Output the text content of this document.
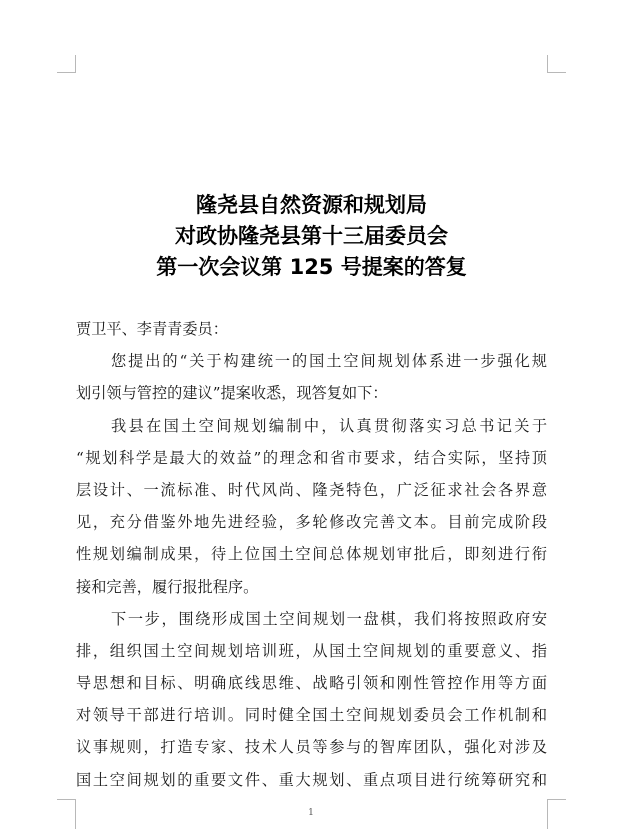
隆尧县自然资源和规划局
对政协隆尧县第十三届委员会
第一次会议第 125 号提案的答复
贾卫平、李青青委员：
您提出的“关于构建统一的国土空间规划体系进一步强化规
划引领与管控的建议”提案收悉，现答复如下：
我县在国土空间规划编制中，认真贯彻落实习总书记关于
“规划科学是最大的效益”的理念和省市要求，结合实际，坚持顶
层设计、一流标准、时代风尚、隆尧特色，广泛征求社会各界意
见，充分借鉴外地先进经验，多轮修改完善文本。目前完成阶段
性规划编制成果，待上位国土空间总体规划审批后，即刻进行衔
接和完善，履行报批程序。
下一步，围绕形成国土空间规划一盘棋，我们将按照政府安
排，组织国土空间规划培训班，从国土空间规划的重要意义、指
导思想和目标、明确底线思维、战略引领和刚性管控作用等方面
对领导干部进行培训。同时健全国土空间规划委员会工作机制和
议事规则，打造专家、技术人员等参与的智库团队，强化对涉及
国土空间规划的重要文件、重大规划、重点项目进行统筹研究和
1
